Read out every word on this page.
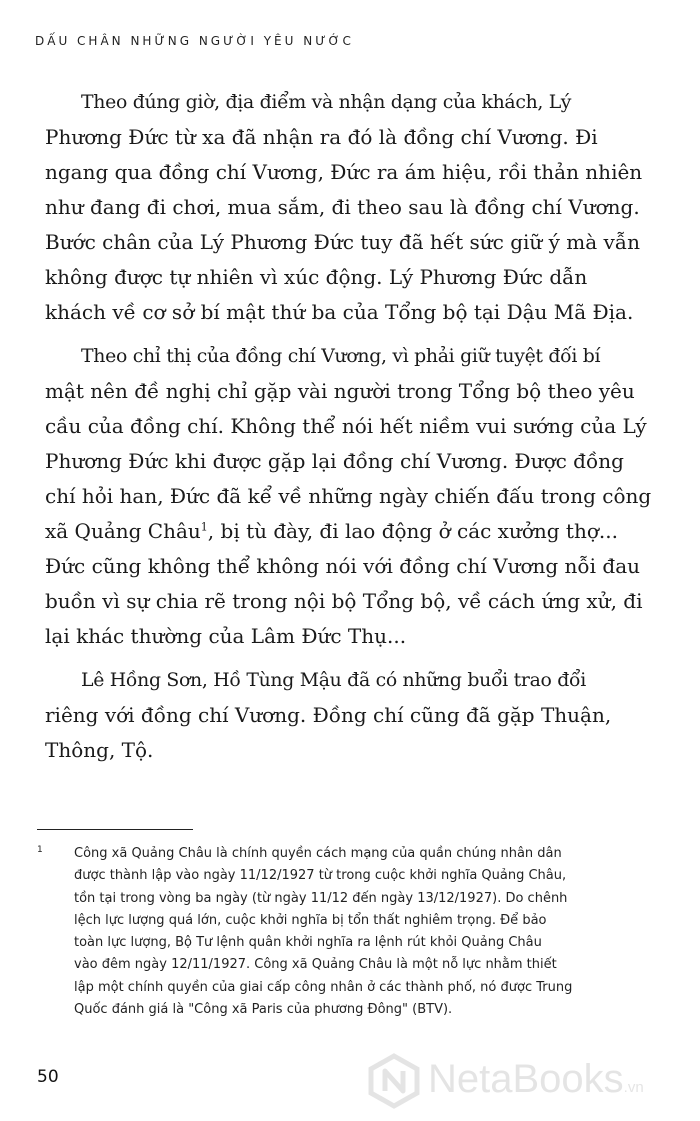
DẤU CHÂN NHỮNG NGƯỜI YÊU NƯỚC
Theo đúng giờ, địa điểm và nhận dạng của khách, Lý
Phương Đức từ xa đã nhận ra đó là đồng chí Vương. Đi
ngang qua đồng chí Vương, Đức ra ám hiệu, rồi thản nhiên
như đang đi chơi, mua sắm, đi theo sau là đồng chí Vương.
Bước chân của Lý Phương Đức tuy đã hết sức giữ ý mà vẫn
không được tự nhiên vì xúc động. Lý Phương Đức dẫn
khách về cơ sở bí mật thứ ba của Tổng bộ tại Dậu Mã Địa.
Theo chỉ thị của đồng chí Vương, vì phải giữ tuyệt đối bí
mật nên đề nghị chỉ gặp vài người trong Tổng bộ theo yêu
cầu của đồng chí. Không thể nói hết niềm vui sướng của Lý
Phương Đức khi được gặp lại đồng chí Vương. Được đồng
chí hỏi han, Đức đã kể về những ngày chiến đấu trong công
xã Quảng Châu$^1$, bị tù đày, đi lao động ở các xưởng thợ...
Đức cũng không thể không nói với đồng chí Vương nỗi đau
buồn vì sự chia rẽ trong nội bộ Tổng bộ, về cách ứng xử, đi
lại khác thường của Lâm Đức Thụ...
Lê Hồng Sơn, Hồ Tùng Mậu đã có những buổi trao đổi
riêng với đồng chí Vương. Đồng chí cũng đã gặp Thuận,
Thông, Tộ.
1 Công xã Quảng Châu là chính quyền cách mạng của quần chúng nhân dân
được thành lập vào ngày 11/12/1927 từ trong cuộc khởi nghĩa Quảng Châu,
tồn tại trong vòng ba ngày (từ ngày 11/12 đến ngày 13/12/1927). Do chênh
lệch lực lượng quá lớn, cuộc khởi nghĩa bị tổn thất nghiêm trọng. Để bảo
toàn lực lượng, Bộ Tư lệnh quân khởi nghĩa ra lệnh rút khỏi Quảng Châu
vào đêm ngày 12/11/1927. Công xã Quảng Châu là một nỗ lực nhằm thiết
lập một chính quyền của giai cấp công nhân ở các thành phố, nó được Trung
Quốc đánh giá là "Công xã Paris của phương Đông" (BTV).
50	NetaBooks.vn
